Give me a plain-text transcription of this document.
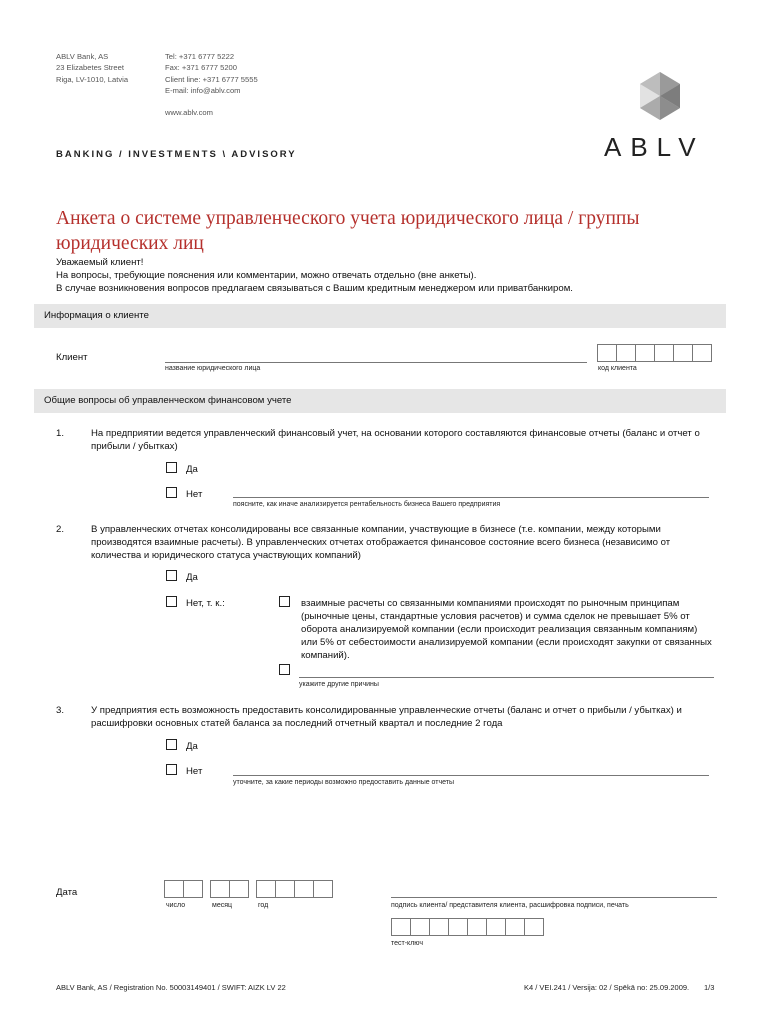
ABLV Bank, AS
23 Elizabetes Street
Riga, LV-1010, Latvia
Tel: +371 6777 5222
Fax: +371 6777 5200
Client line: +371 6777 5555
E-mail: info@ablv.com
www.ablv.com
ABLV
BANKING / INVESTMENTS \ ADVISORY
Анкета о системе управленческого учета юридического лица / группы юридических лиц
Уважаемый клиент!
На вопросы, требующие пояснения или комментарии, можно отвечать отдельно (вне анкеты).
В случае возникновения вопросов предлагаем связываться с Вашим кредитным менеджером или приватбанкиром.
Информация о клиенте
Клиент
название юридического лица	код клиента
Общие вопросы об управленческом финансовом учете
1.	На предприятии ведется управленческий финансовый учет, на основании которого составляются финансовые отчеты (баланс и отчет о прибыли / убытках)
Да
Нет
поясните, как иначе анализируется рентабельность бизнеса Вашего предприятия
2.	В управленческих отчетах консолидированы все связанные компании, участвующие в бизнесе (т.е. компании, между которыми производятся взаимные расчеты). В управленческих отчетах отображается финансовое состояние всего бизнеса (независимо от количества и юридического статуса участвующих компаний)
Да
Нет, т. к.:	взаимные расчеты со связанными компаниями происходят по рыночным принципам (рыночные цены, стандартные условия расчетов) и сумма сделок не превышает 5% от оборота анализируемой компании (если происходит реализация связанным компаниям) или 5% от себестоимости анализируемой компании (если происходят закупки от связанных компаний).
укажите другие причины
3.	У предприятия есть возможность предоставить консолидированные управленческие отчеты (баланс и отчет о прибыли / убытках) и расшифровки основных статей баланса за последний отчетный квартал и последние 2 года
Да
Нет
уточните, за какие периоды возможно предоставить данные отчеты
Дата
число	месяц	год	подпись клиента/ представителя клиента, расшифровка подписи, печать
тест-ключ
ABLV Bank, AS / Registration No. 50003149401 / SWIFT: AIZK LV 22	K4 / VEI.241 / Versija: 02 / Spēkā no: 25.09.2009. 1/3
